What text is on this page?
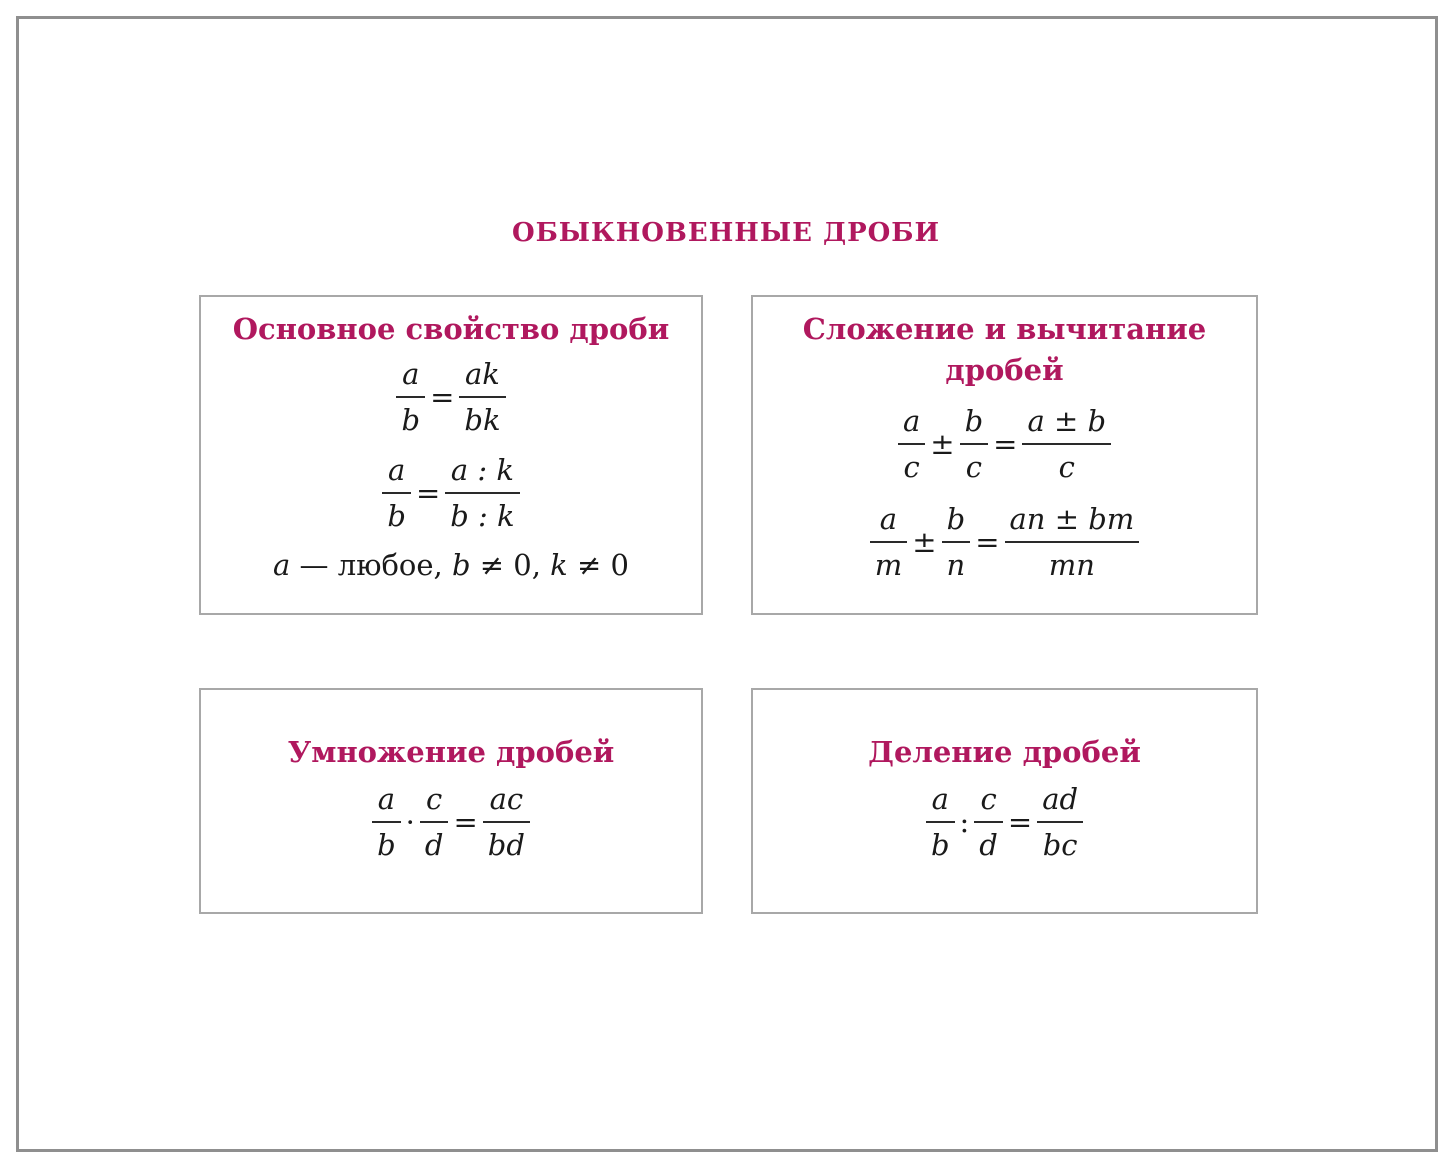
ОБЫКНОВЕННЫЕ ДРОБИ
Основное свойство дроби
$\frac{a}{b} = \frac{ak}{bk}$
$\frac{a}{b} = \frac{a : k}{b : k}$
a — любое, b ≠ 0, k ≠ 0
Сложение и вычитание
дробей
$\frac{a}{c} \pm \frac{b}{c} = \frac{a \pm b}{c}$
$\frac{a}{m} \pm \frac{b}{n} = \frac{an \pm bm}{mn}$
Умножение дробей
$\frac{a}{b} \cdot \frac{c}{d} = \frac{ac}{bd}$
Деление дробей
$\frac{a}{b}$ : $\frac{c}{d} = \frac{ad}{bc}$
